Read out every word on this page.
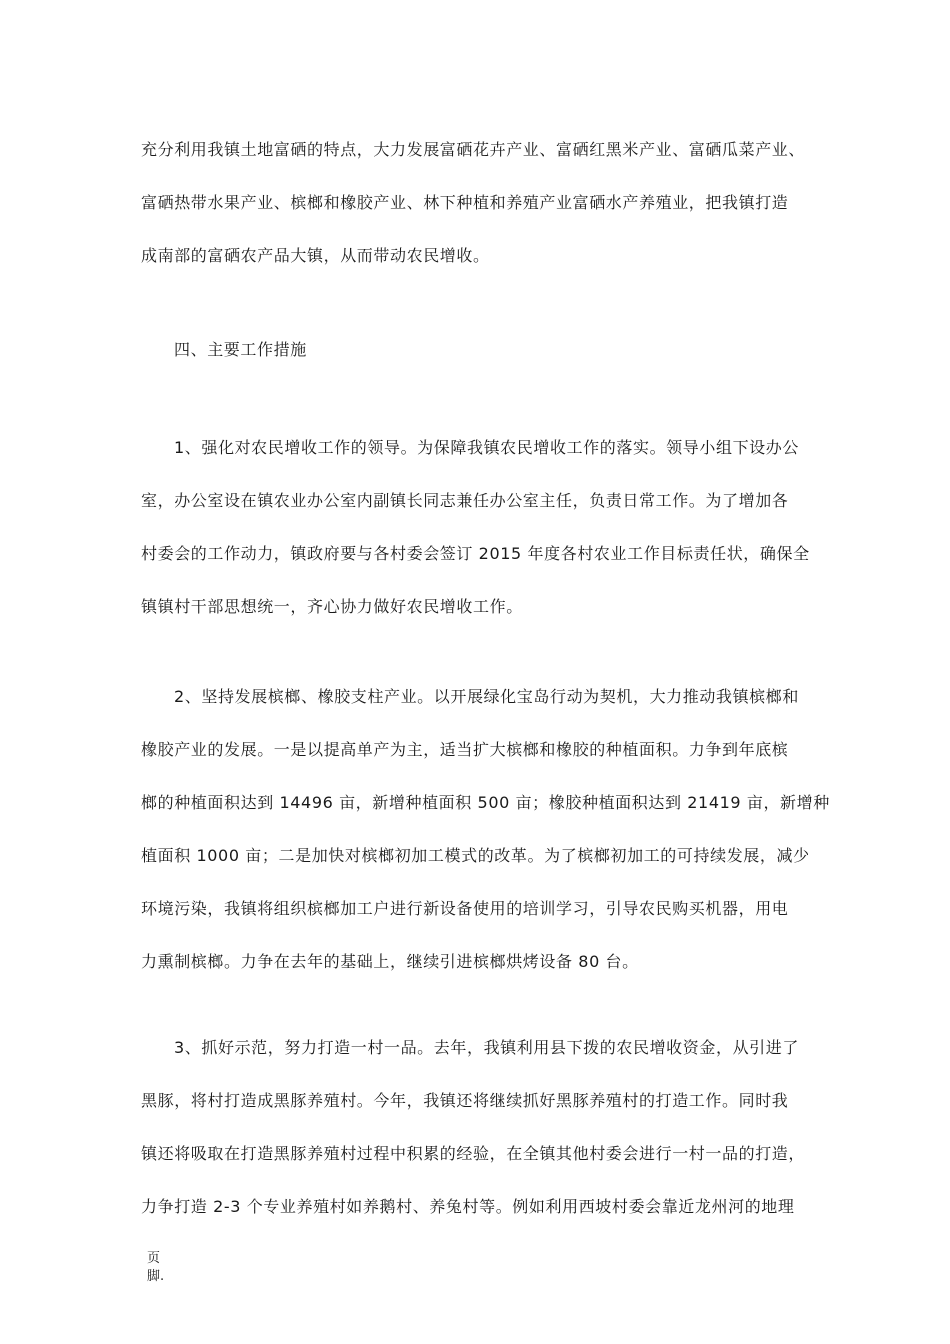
充分利用我镇土地富硒的特点，大力发展富硒花卉产业、富硒红黑米产业、富硒瓜菜产业、
富硒热带水果产业、槟榔和橡胶产业、林下种植和养殖产业富硒水产养殖业，把我镇打造
成南部的富硒农产品大镇，从而带动农民增收。
四、主要工作措施
1、强化对农民增收工作的领导。为保障我镇农民增收工作的落实。领导小组下设办公
室，办公室设在镇农业办公室内副镇长同志兼任办公室主任，负责日常工作。为了增加各
村委会的工作动力，镇政府要与各村委会签订 2015 年度各村农业工作目标责任状，确保全
镇镇村干部思想统一，齐心协力做好农民增收工作。
2、坚持发展槟榔、橡胶支柱产业。以开展绿化宝岛行动为契机，大力推动我镇槟榔和
橡胶产业的发展。一是以提高单产为主，适当扩大槟榔和橡胶的种植面积。力争到年底槟
榔的种植面积达到 14496 亩，新增种植面积 500 亩；橡胶种植面积达到 21419 亩，新增种
植面积 1000 亩；二是加快对槟榔初加工模式的改革。为了槟榔初加工的可持续发展，减少
环境污染，我镇将组织槟榔加工户进行新设备使用的培训学习，引导农民购买机器，用电
力熏制槟榔。力争在去年的基础上，继续引进槟榔烘烤设备 80 台。
3、抓好示范，努力打造一村一品。去年，我镇利用县下拨的农民增收资金，从引进了
黑豚，将村打造成黑豚养殖村。今年，我镇还将继续抓好黑豚养殖村的打造工作。同时我
镇还将吸取在打造黑豚养殖村过程中积累的经验，在全镇其他村委会进行一村一品的打造，
力争打造 2-3 个专业养殖村如养鹅村、养兔村等。例如利用西坡村委会靠近龙州河的地理
页
脚.
